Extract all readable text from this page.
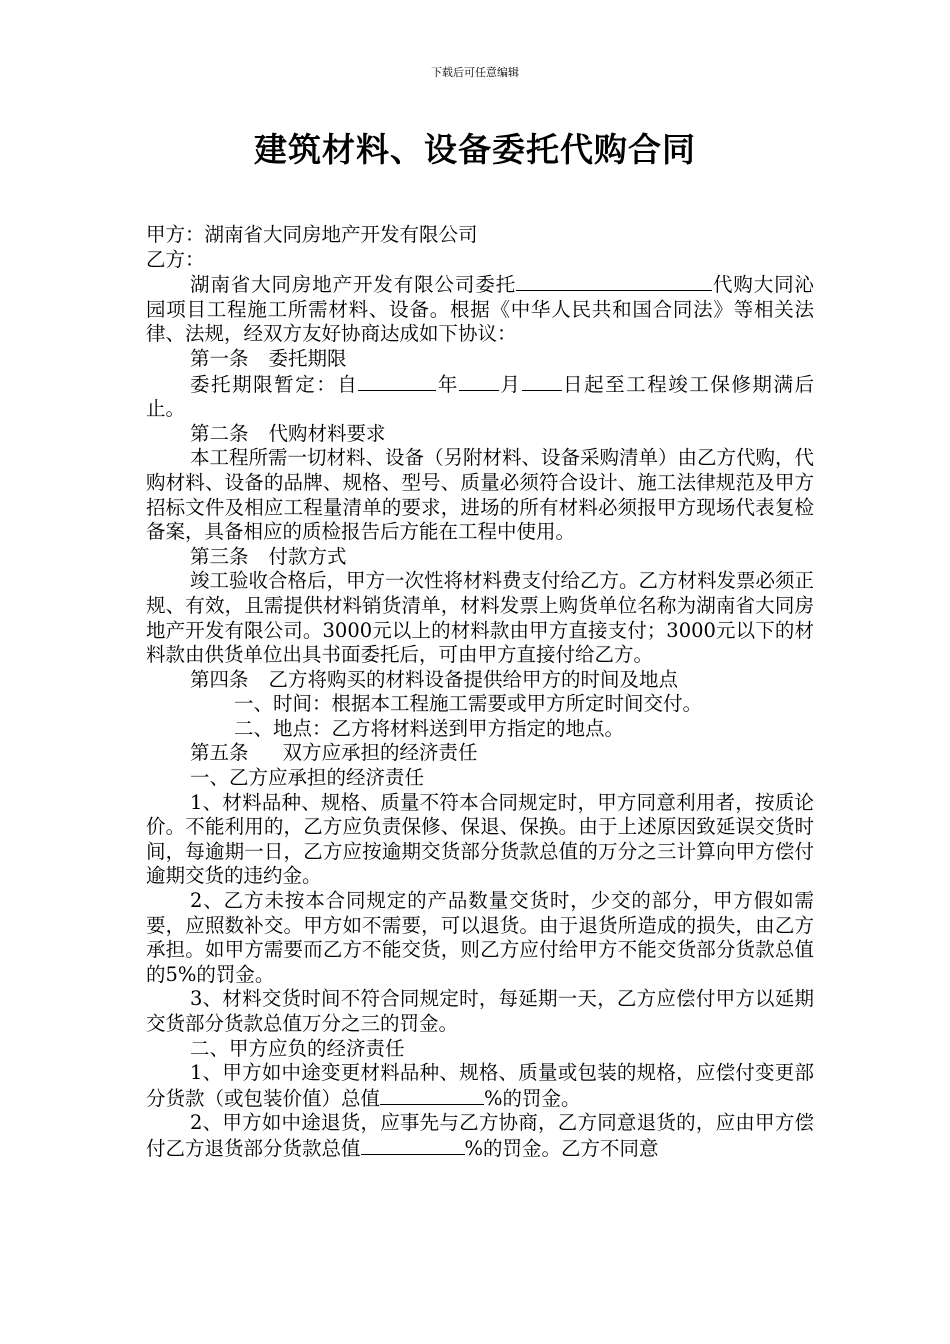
下载后可任意编辑
建筑材料、设备委托代购合同

甲方：湖南省大同房地产开发有限公司

乙方：

湖南省大同房地产开发有限公司委托	代购大同沁园项目工程施工所需材料、设备。根据《中华人民共和国合同法》等相关法律、法规，经双方友好协商达成如下协议：

第一条 委托期限

委托期限暂定：自	年 月 日起至工程竣工保修期满后止。

第二条 代购材料要求

本工程所需一切材料、设备（另附材料、设备采购清单）由乙方代购，代购材料、设备的品牌、规格、型号、质量必须符合设计、施工法律规范及甲方招标文件及相应工程量清单的要求，进场的所有材料必须报甲方现场代表复检备案，具备相应的质检报告后方能在工程中使用。

第三条 付款方式

竣工验收合格后，甲方一次性将材料费支付给乙方。乙方材料发票必须正规、有效，且需提供材料销货清单，材料发票上购货单位名称为湖南省大同房地产开发有限公司。3000元以上的材料款由甲方直接支付；3000元以下的材料款由供货单位出具书面委托后，可由甲方直接付给乙方。

第四条 乙方将购买的材料设备提供给甲方的时间及地点

一、时间：根据本工程施工需要或甲方所定时间交付。

二、地点：乙方将材料送到甲方指定的地点。

第五条 双方应承担的经济责任

一、乙方应承担的经济责任

1、材料品种、规格、质量不符本合同规定时，甲方同意利用者，按质论价。不能利用的，乙方应负责保修、保退、保换。由于上述原因致延误交货时间，每逾期一日，乙方应按逾期交货部分货款总值的万分之三计算向甲方偿付逾期交货的违约金。

2、乙方未按本合同规定的产品数量交货时，少交的部分，甲方假如需要，应照数补交。甲方如不需要，可以退货。由于退货所造成的损失，由乙方承担。如甲方需要而乙方不能交货，则乙方应付给甲方不能交货部分货款总值的5%的罚金。

3、材料交货时间不符合同规定时，每延期一天，乙方应偿付甲方以延期交货部分货款总值万分之三的罚金。

二、甲方应负的经济责任

1、甲方如中途变更材料品种、规格、质量或包装的规格，应偿付变更部分货款（或包装价值）总值	%的罚金。

2、甲方如中途退货，应事先与乙方协商，乙方同意退货的，应由甲方偿付乙方退货部分货款总值	%的罚金。乙方不同意
